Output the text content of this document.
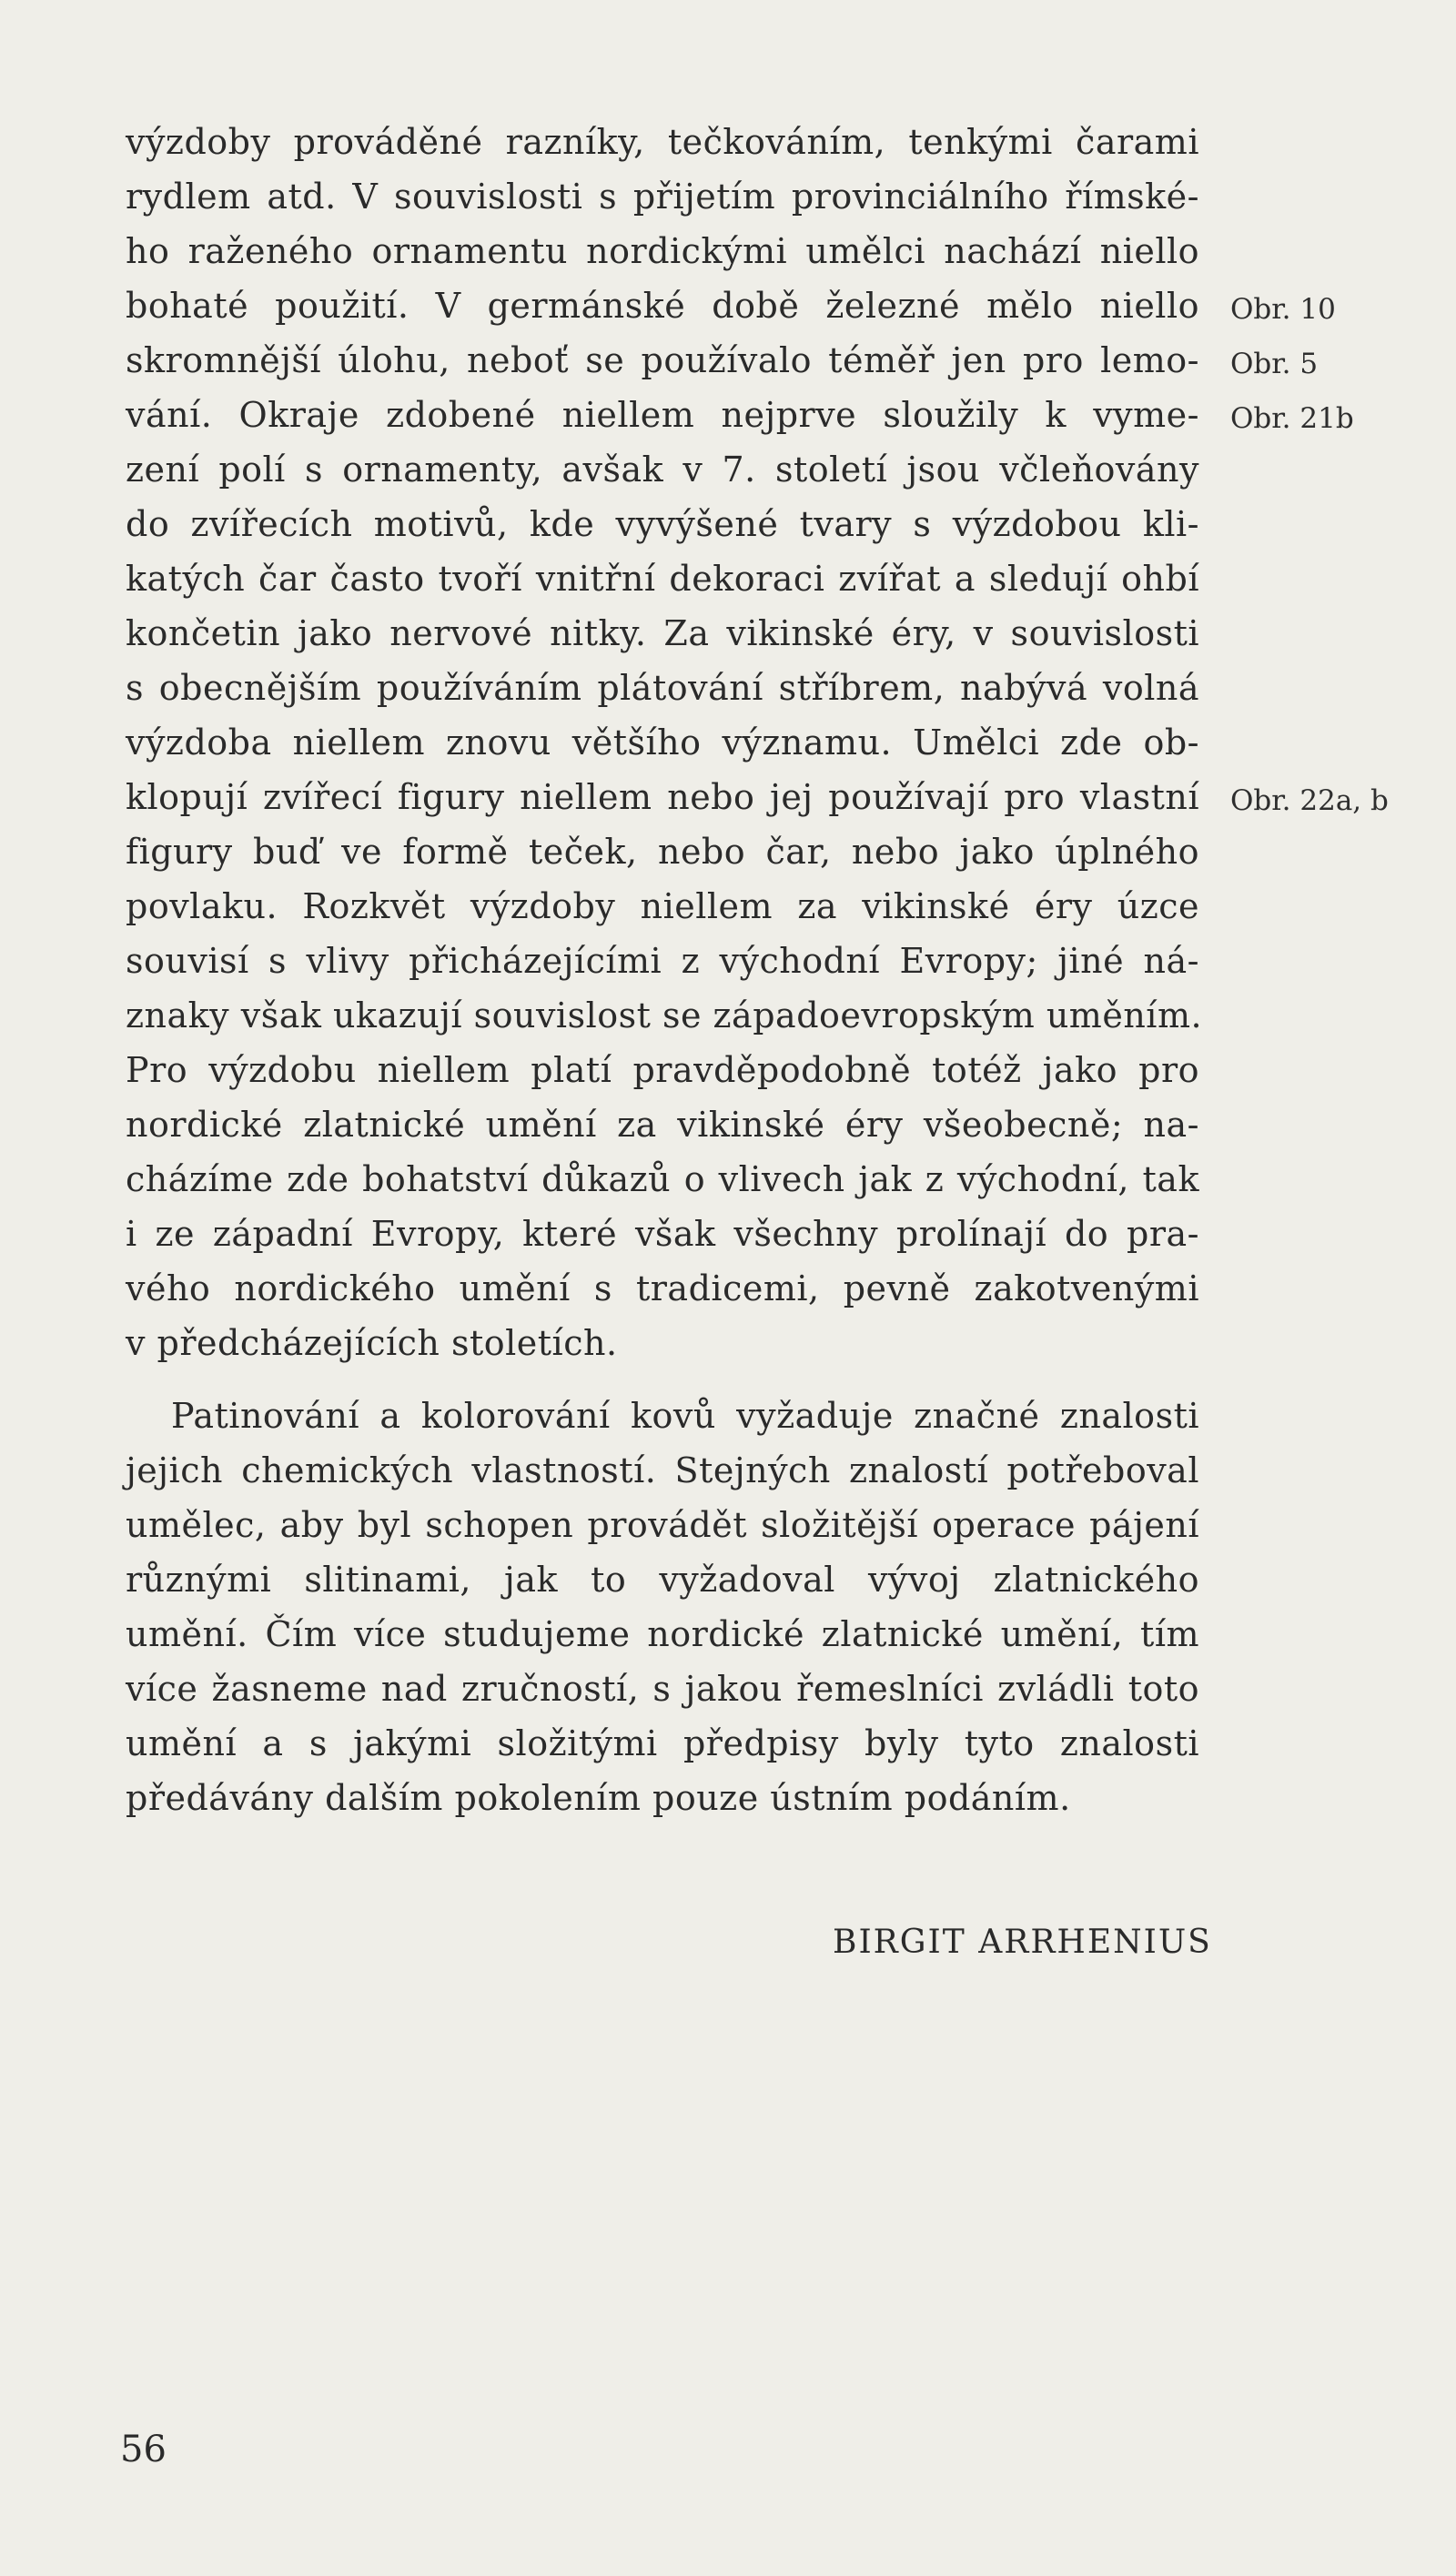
výzdoby prováděné razníky, tečkováním, tenkými čarami
rydlem atd. V souvislosti s přijetím provinciálního římské-
ho raženého ornamentu nordickými umělci nachází niello
bohaté použití. V germánské době železné mělo niello
skromnější úlohu, neboť se používalo téměř jen pro lemo-
vání. Okraje zdobené niellem nejprve sloužily k vyme-
zení polí s ornamenty, avšak v 7. století jsou včleňovány
do zvířecích motivů, kde vyvýšené tvary s výzdobou kli-
katých čar často tvoří vnitřní dekoraci zvířat a sledují ohbí
končetin jako nervové nitky. Za vikinské éry, v souvislosti
s obecnějším používáním plátování stříbrem, nabývá volná
výzdoba niellem znovu většího významu. Umělci zde ob-
klopují zvířecí figury niellem nebo jej používají pro vlastní
figury buď ve formě teček, nebo čar, nebo jako úplného
povlaku. Rozkvět výzdoby niellem za vikinské éry úzce
souvisí s vlivy přicházejícími z východní Evropy; jiné ná-
znaky však ukazují souvislost se západoevropským uměním.
Pro výzdobu niellem platí pravděpodobně totéž jako pro
nordické zlatnické umění za vikinské éry všeobecně; na-
cházíme zde bohatství důkazů o vlivech jak z východní, tak
i ze západní Evropy, které však všechny prolínají do pra-
vého nordického umění s tradicemi, pevně zakotvenými
v předcházejících stoletích.
Patinování a kolorování kovů vyžaduje značné znalosti
jejich chemických vlastností. Stejných znalostí potřeboval
umělec, aby byl schopen provádět složitější operace pájení
různými slitinami, jak to vyžadoval vývoj zlatnického
umění. Čím více studujeme nordické zlatnické umění, tím
více žasneme nad zručností, s jakou řemeslníci zvládli toto
umění a s jakými složitými předpisy byly tyto znalosti
předávány dalším pokolením pouze ústním podáním.
Obr. 10
Obr. 5
Obr. 21b
Obr. 22a, b
BIRGIT ARRHENIUS
56
